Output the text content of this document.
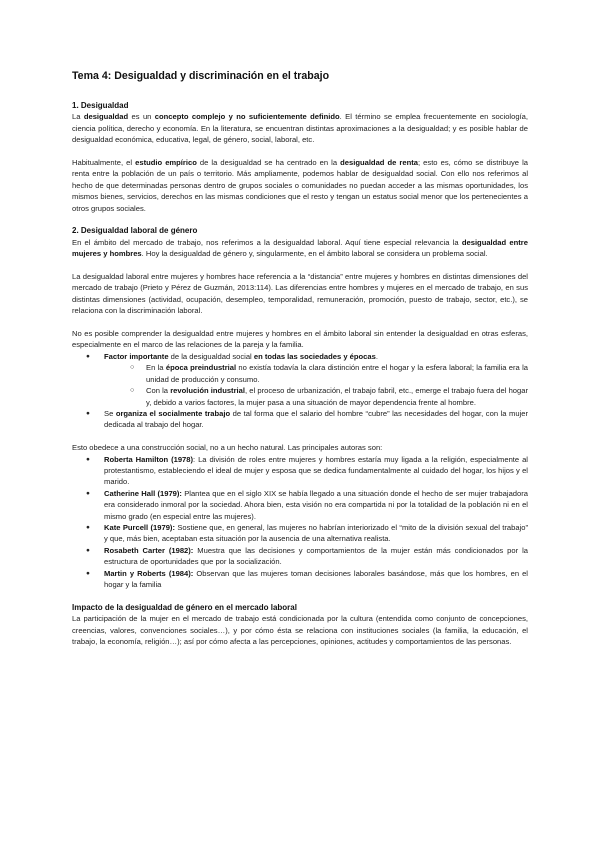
Tema 4: Desigualdad y discriminación en el trabajo
1. Desigualdad

La desigualdad es un concepto complejo y no suficientemente definido. El término se emplea frecuentemente en sociología, ciencia política, derecho y economía. En la literatura, se encuentran distintas aproximaciones a la desigualdad; y es posible hablar de desigualdad económica, educativa, legal, de género, social, laboral, etc.

Habitualmente, el estudio empírico de la desigualdad se ha centrado en la desigualdad de renta; esto es, cómo se distribuye la renta entre la población de un país o territorio. Más ampliamente, podemos hablar de desigualdad social. Con ello nos referimos al hecho de que determinadas personas dentro de grupos sociales o comunidades no puedan acceder a las mismas oportunidades, los mismos bienes, servicios, derechos en las mismas condiciones que el resto y tengan un estatus social menor que los pertenecientes a otros grupos sociales.

2. Desigualdad laboral de género

En el ámbito del mercado de trabajo, nos referimos a la desigualdad laboral. Aquí tiene especial relevancia la desigualdad entre mujeres y hombres. Hoy la desigualdad de género y, singularmente, en el ámbito laboral se considera un problema social.

La desigualdad laboral entre mujeres y hombres hace referencia a la “distancia” entre mujeres y hombres en distintas dimensiones del mercado de trabajo (Prieto y Pérez de Guzmán, 2013:114). Las diferencias entre hombres y mujeres en el mercado de trabajo, en sus distintas dimensiones (actividad, ocupación, desempleo, temporalidad, remuneración, promoción, puesto de trabajo, sector, etc.), se relaciona con la discriminación laboral.

No es posible comprender la desigualdad entre mujeres y hombres en el ámbito laboral sin entender la desigualdad en otras esferas, especialmente en el marco de las relaciones de la pareja y la familia.

● Factor importante de la desigualdad social en todas las sociedades y épocas.
○ En la época preindustrial no existía todavía la clara distinción entre el hogar y la esfera laboral; la familia era la unidad de producción y consumo.
○ Con la revolución industrial, el proceso de urbanización, el trabajo fabril, etc., emerge el trabajo fuera del hogar y, debido a varios factores, la mujer pasa a una situación de mayor dependencia frente al hombre.
● Se organiza el socialmente trabajo de tal forma que el salario del hombre “cubre” las necesidades del hogar, con la mujer dedicada al trabajo del hogar.

Esto obedece a una construcción social, no a un hecho natural. Las principales autoras son:

● Roberta Hamilton (1978): La división de roles entre mujeres y hombres estaría muy ligada a la religión, especialmente al protestantismo, estableciendo el ideal de mujer y esposa que se dedica fundamentalmente al cuidado del hogar, los hijos y el marido.
● Catherine Hall (1979): Plantea que en el siglo XIX se había llegado a una situación donde el hecho de ser mujer trabajadora era considerado inmoral por la sociedad. Ahora bien, esta visión no era compartida ni por la totalidad de la población ni en el mismo grado (en especial entre las mujeres).
● Kate Purcell (1979): Sostiene que, en general, las mujeres no habrían interiorizado el “mito de la división sexual del trabajo” y que, más bien, aceptaban esta situación por la ausencia de una alternativa realista.
● Rosabeth Carter (1982): Muestra que las decisiones y comportamientos de la mujer están más condicionados por la estructura de oportunidades que por la socialización.
● Martin y Roberts (1984): Observan que las mujeres toman decisiones laborales basándose, más que los hombres, en el hogar y la familia
Impacto de la desigualdad de género en el mercado laboral

La participación de la mujer en el mercado de trabajo está condicionada por la cultura (entendida como conjunto de concepciones, creencias, valores, convenciones sociales…), y por cómo ésta se relaciona con instituciones sociales (la familia, la educación, el trabajo, la economía, religión…); así por cómo afecta a las percepciones, opiniones, actitudes y comportamientos de las personas.
